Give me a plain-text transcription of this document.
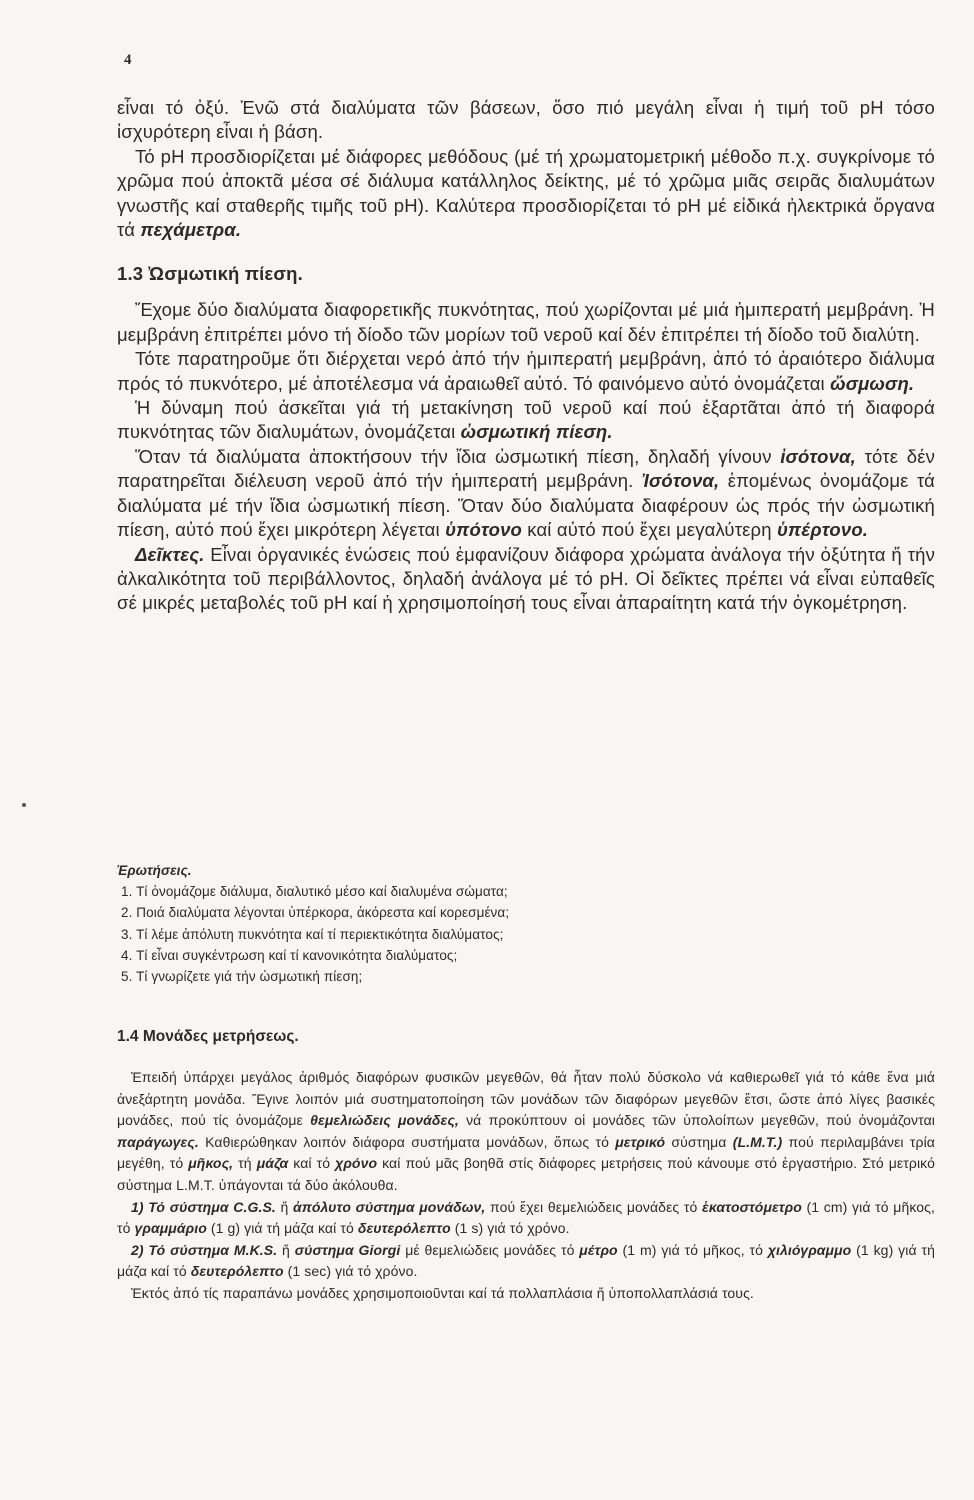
4

εἶναι τό ὀξύ. Ἐνῶ στά διαλύματα τῶν βάσεων, ὅσο πιό μεγάλη εἶναι ἡ τιμή τοῦ pH τόσο ἰσχυρότερη εἶναι ἡ βάση.

Τό pH προσδιορίζεται μέ διάφορες μεθόδους (μέ τή χρωματομετρική μέθοδο π.χ. συγκρίνομε τό χρῶμα πού ἀποκτᾶ μέσα σέ διάλυμα κατάλληλος δείκτης, μέ τό χρῶμα μιᾶς σειρᾶς διαλυμάτων γνωστῆς καί σταθερῆς τιμῆς τοῦ pH). Καλύτερα προσδιορίζεται τό pH μέ εἰδικά ἠλεκτρικά ὄργανα τά πεχάμετρα.

1.3 Ὠσμωτική πίεση.

Ἔχομε δύο διαλύματα διαφορετικῆς πυκνότητας, πού χωρίζονται μέ μιά ἡμιπερατή μεμβράνη. Ἡ μεμβράνη ἐπιτρέπει μόνο τή δίοδο τῶν μορίων τοῦ νεροῦ καί δέν ἐπιτρέπει τή δίοδο τοῦ διαλύτη.

Τότε παρατηροῦμε ὅτι διέρχεται νερό ἀπό τήν ἡμιπερατή μεμβράνη, ἀπό τό ἀραιότερο διάλυμα πρός τό πυκνότερο, μέ ἀποτέλεσμα νά ἀραιωθεῖ αὐτό. Τό φαινόμενο αὐτό ὀνομάζεται ὤσμωση.

Ἡ δύναμη πού ἀσκεῖται γιά τή μετακίνηση τοῦ νεροῦ καί πού ἐξαρτᾶται ἀπό τή διαφορά πυκνότητας τῶν διαλυμάτων, ὀνομάζεται ὠσμωτική πίεση.

Ὅταν τά διαλύματα ἀποκτήσουν τήν ἴδια ὠσμωτική πίεση, δηλαδή γίνουν ἰσότονα, τότε δέν παρατηρεῖται διέλευση νεροῦ ἀπό τήν ἡμιπερατή μεμβράνη. Ἰσότονα, ἑπομένως ὀνομάζομε τά διαλύματα μέ τήν ἴδια ὠσμωτική πίεση. Ὅταν δύο διαλύματα διαφέρουν ὡς πρός τήν ὠσμωτική πίεση, αὐτό πού ἔχει μικρότερη λέγεται ὑπότονο καί αὐτό πού ἔχει μεγαλύτερη ὑπέρτονο.

Δεῖκτες. Εἶναι ὀργανικές ἑνώσεις πού ἐμφανίζουν διάφορα χρώματα ἀνάλογα τήν ὀξύτητα ἤ τήν ἀλκαλικότητα τοῦ περιβάλλοντος, δηλαδή ἀνάλογα μέ τό pH. Οἱ δεῖκτες πρέπει νά εἶναι εὐπαθεῖς σέ μικρές μεταβολές τοῦ pH καί ἡ χρησιμοποίησή τους εἶναι ἀπαραίτητη κατά τήν ὀγκομέτρηση.

Ἐρωτήσεις.
1. Τί ὀνομάζομε διάλυμα, διαλυτικό μέσο καί διαλυμένα σώματα;
2. Ποιά διαλύματα λέγονται ὑπέρκορα, ἀκόρεστα καί κορεσμένα;
3. Τί λέμε ἀπόλυτη πυκνότητα καί τί περιεκτικότητα διαλύματος;
4. Τί εἶναι συγκέντρωση καί τί κανονικότητα διαλύματος;
5. Τί γνωρίζετε γιά τήν ὠσμωτική πίεση;
1.4 Μονάδες μετρήσεως.

Ἐπειδή ὑπάρχει μεγάλος ἀριθμός διαφόρων φυσικῶν μεγεθῶν, θά ἦταν πολύ δύσκολο νά καθιερωθεῖ γιά τό κάθε ἕνα μιά ἀνεξάρτητη μονάδα. Ἔγινε λοιπόν μιά συστηματοποίηση τῶν μονάδων τῶν διαφόρων μεγεθῶν ἔτσι, ὥστε ἀπό λίγες βασικές μονάδες, πού τίς ὀνομάζομε θεμελιώδεις μονάδες, νά προκύπτουν οἱ μονάδες τῶν ὑπολοίπων μεγεθῶν, πού ὀνομάζονται παράγωγες. Καθιερώθηκαν λοιπόν διάφορα συστήματα μονάδων, ὅπως τό μετρικό σύστημα (L.M.T.) πού περιλαμβάνει τρία μεγέθη, τό μῆκος, τή μάζα καί τό χρόνο καί πού μᾶς βοηθᾶ στίς διάφορες μετρήσεις πού κάνουμε στό ἐργαστήριο. Στό μετρικό σύστημα L.M.T. ὑπάγονται τά δύο ἀκόλουθα.

1) Τό σύστημα C.G.S. ἤ ἀπόλυτο σύστημα μονάδων, πού ἔχει θεμελιώδεις μονάδες τό ἑκατοστόμετρο (1 cm) γιά τό μῆκος, τό γραμμάριο (1 g) γιά τή μάζα καί τό δευτερόλεπτο (1 s) γιά τό χρόνο.

2) Τό σύστημα M.K.S. ἤ σύστημα Giorgi μέ θεμελιώδεις μονάδες τό μέτρο (1 m) γιά τό μῆκος, τό χιλιόγραμμο (1 kg) γιά τή μάζα καί τό δευτερόλεπτο (1 sec) γιά τό χρόνο.

Ἐκτός ἀπό τίς παραπάνω μονάδες χρησιμοποιοῦνται καί τά πολλαπλάσια ἤ ὑποπολλαπλάσιά τους.
